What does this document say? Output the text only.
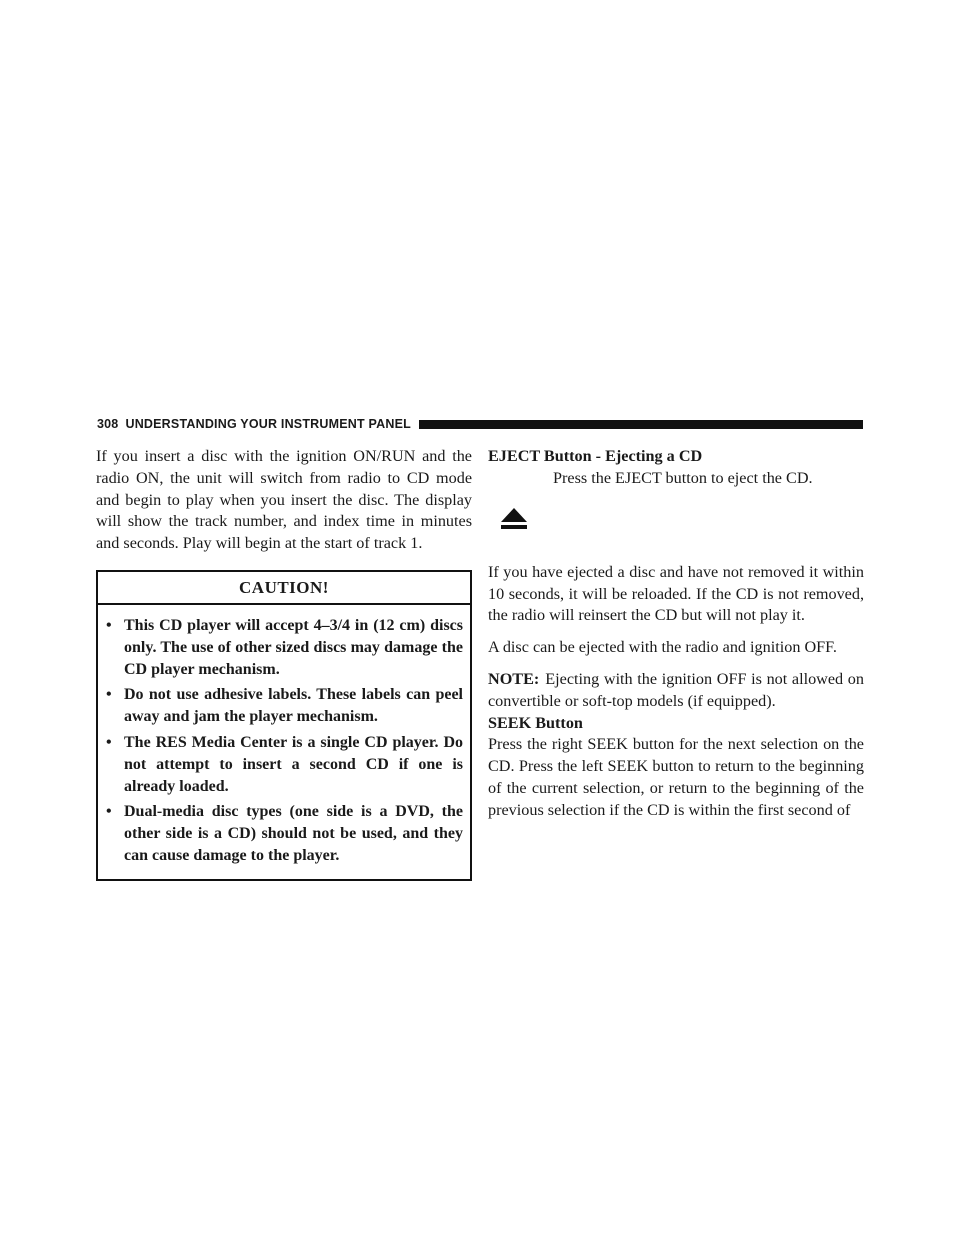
308 UNDERSTANDING YOUR INSTRUMENT PANEL

If you insert a disc with the ignition ON/RUN and the radio ON, the unit will switch from radio to CD mode and begin to play when you insert the disc. The display will show the track number, and index time in minutes and seconds. Play will begin at the start of track 1.

CAUTION!
• This CD player will accept 4–3/4 in (12 cm) discs only. The use of other sized discs may damage the CD player mechanism.
• Do not use adhesive labels. These labels can peel away and jam the player mechanism.
• The RES Media Center is a single CD player. Do not attempt to insert a second CD if one is already loaded.
• Dual-media disc types (one side is a DVD, the other side is a CD) should not be used, and they can cause damage to the player.
EJECT Button - Ejecting a CD
Press the EJECT button to eject the CD.

If you have ejected a disc and have not removed it within 10 seconds, it will be reloaded. If the CD is not removed, the radio will reinsert the CD but will not play it.

A disc can be ejected with the radio and ignition OFF.

NOTE: Ejecting with the ignition OFF is not allowed on convertible or soft-top models (if equipped).

SEEK Button

Press the right SEEK button for the next selection on the CD. Press the left SEEK button to return to the beginning of the current selection, or return to the beginning of the previous selection if the CD is within the first second of
